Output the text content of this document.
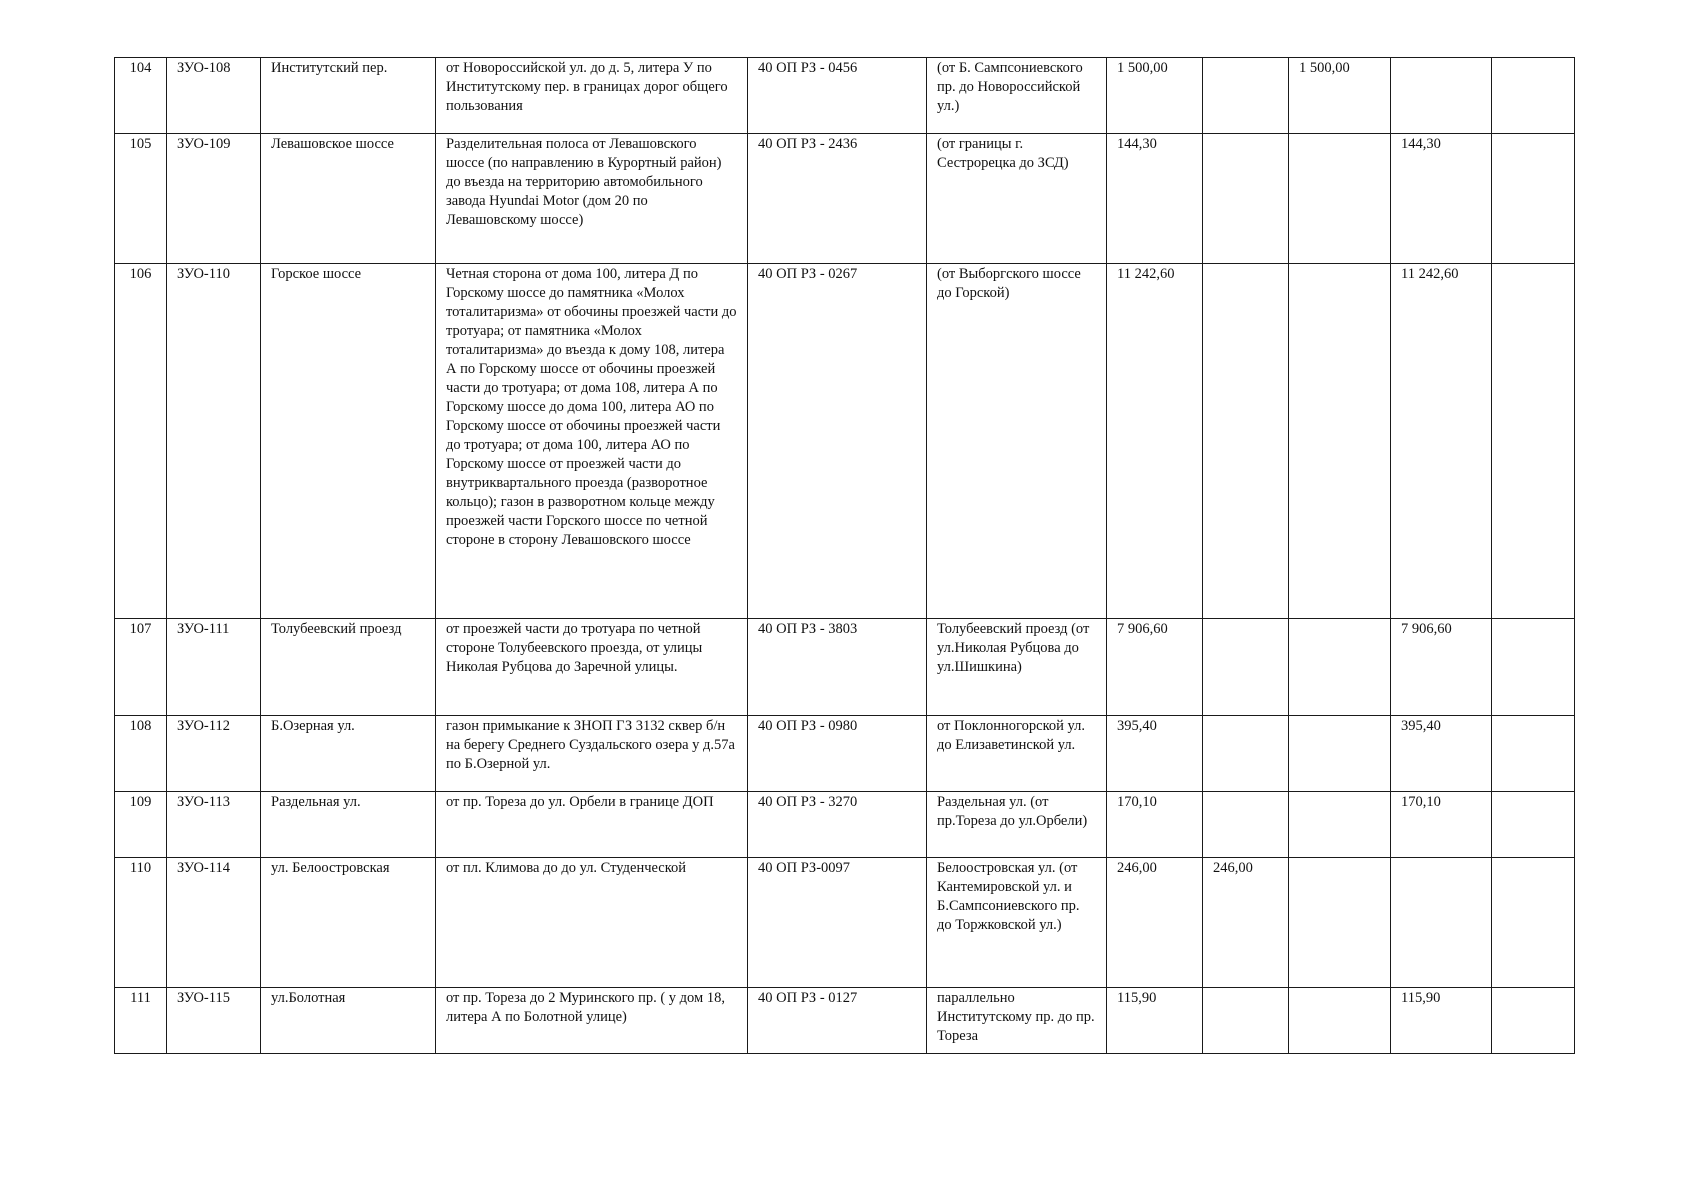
104	ЗУО-108	Институтский пер.	от Новороссийской ул. до д. 5, литера У по Институтскому пер. в границах дорог общего пользования	40 ОП РЗ - 0456	(от Б. Сампсониевского пр. до Новороссийской ул.)	1 500,00		1 500,00		
105	ЗУО-109	Левашовское шоссе	Разделительная полоса от Левашовского шоссе (по направлению в Курортный район) до въезда на территорию автомобильного завода Hyundai Motor (дом 20 по Левашовскому шоссе)	40 ОП РЗ - 2436	(от границы г. Сестрорецка до ЗСД)	144,30			144,30	
106	ЗУО-110	Горское шоссе	Четная сторона от дома 100, литера Д по Горскому шоссе до памятника «Молох тоталитаризма» от обочины проезжей части до тротуара; от памятника «Молох тоталитаризма» до въезда к дому 108, литера А по Горскому шоссе от обочины проезжей части до тротуара; от дома 108, литера А по Горскому шоссе до дома 100, литера АО по Горскому шоссе от обочины проезжей части до тротуара; от дома 100, литера АО по Горскому шоссе от проезжей части до внутриквартального проезда (разворотное кольцо); газон в разворотном кольце между проезжей части Горского шоссе по четной стороне в сторону Левашовского шоссе	40 ОП РЗ - 0267	(от Выборгского шоссе до Горской)	11 242,60			11 242,60	
107	ЗУО-111	Толубеевский проезд	от проезжей части до тротуара по четной стороне Толубеевского проезда, от улицы Николая Рубцова до Заречной улицы.	40 ОП РЗ - 3803	Толубеевский проезд (от ул.Николая Рубцова до ул.Шишкина)	7 906,60			7 906,60	
108	ЗУО-112	Б.Озерная ул.	газон примыкание к ЗНОП ГЗ 3132 сквер б/н на берегу Среднего Суздальского озера у д.57а по Б.Озерной ул.	40 ОП РЗ - 0980	от Поклонногорской ул. до Елизаветинской ул.	395,40			395,40	
109	ЗУО-113	Раздельная ул.	от пр. Тореза до ул. Орбели в границе ДОП	40 ОП РЗ - 3270	Раздельная ул. (от пр.Тореза до ул.Орбели)	170,10			170,10	
110	ЗУО-114	ул. Белоостровская	от пл. Климова до до ул. Студенческой	40 ОП РЗ-0097	Белоостровская ул. (от Кантемировской ул. и Б.Сампсониевского пр. до Торжковской ул.)	246,00	246,00			
111	ЗУО-115	ул.Болотная	от пр. Тореза до 2 Муринского пр. ( у дом 18, литера А по Болотной улице)	40 ОП РЗ - 0127	параллельно Институтскому пр. до пр. Тореза	115,90			115,90	
